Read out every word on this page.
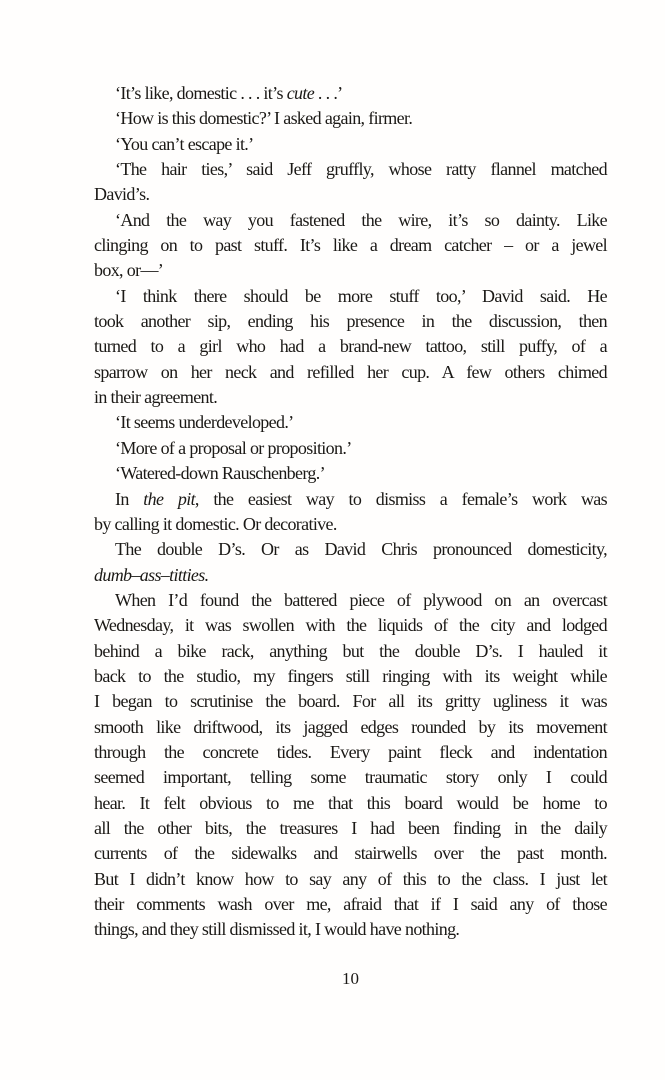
‘It’s like, domestic . . . it’s cute . . .’
‘How is this domestic?’ I asked again, firmer.
‘You can’t escape it.’
‘The hair ties,’ said Jeff gruffly, whose ratty flannel matched
David’s.
‘And the way you fastened the wire, it’s so dainty. Like
clinging on to past stuff. It’s like a dream catcher – or a jewel
box, or—’
‘I think there should be more stuff too,’ David said. He
took another sip, ending his presence in the discussion, then
turned to a girl who had a brand-new tattoo, still puffy, of a
sparrow on her neck and refilled her cup. A few others chimed
in their agreement.
‘It seems underdeveloped.’
‘More of a proposal or proposition.’
‘Watered-down Rauschenberg.’
In the pit, the easiest way to dismiss a female’s work was
by calling it domestic. Or decorative.
The double D’s. Or as David Chris pronounced domesticity,
dumb–ass–titties.
When I’d found the battered piece of plywood on an overcast
Wednesday, it was swollen with the liquids of the city and lodged
behind a bike rack, anything but the double D’s. I hauled it
back to the studio, my fingers still ringing with its weight while
I began to scrutinise the board. For all its gritty ugliness it was
smooth like driftwood, its jagged edges rounded by its movement
through the concrete tides. Every paint fleck and indentation
seemed important, telling some traumatic story only I could
hear. It felt obvious to me that this board would be home to
all the other bits, the treasures I had been finding in the daily
currents of the sidewalks and stairwells over the past month.
But I didn’t know how to say any of this to the class. I just let
their comments wash over me, afraid that if I said any of those
things, and they still dismissed it, I would have nothing.
10
